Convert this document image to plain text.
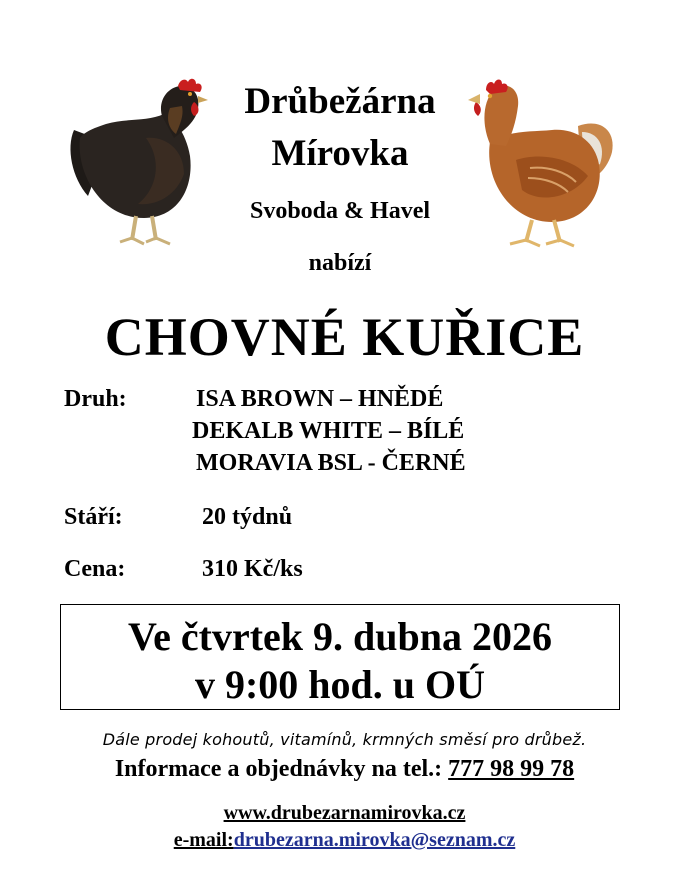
Drůbežárna
Mírovka
Svoboda & Havel
nabízí
CHOVNÉ KUŘICE
Druh:	ISA BROWN – HNĚDÉ
DEKALB WHITE – BÍLÉ
MORAVIA BSL - ČERNÉ
Stáří:	20 týdnů
Cena:	310 Kč/ks
Ve čtvrtek 9. dubna 2026
v 9:00 hod. u OÚ
Dále prodej kohoutů, vitamínů, krmných směsí pro drůbež.
Informace a objednávky na tel.: 777 98 99 78
www.drubezarnamirovka.cz
e-mail:drubezarna.mirovka@seznam.cz
